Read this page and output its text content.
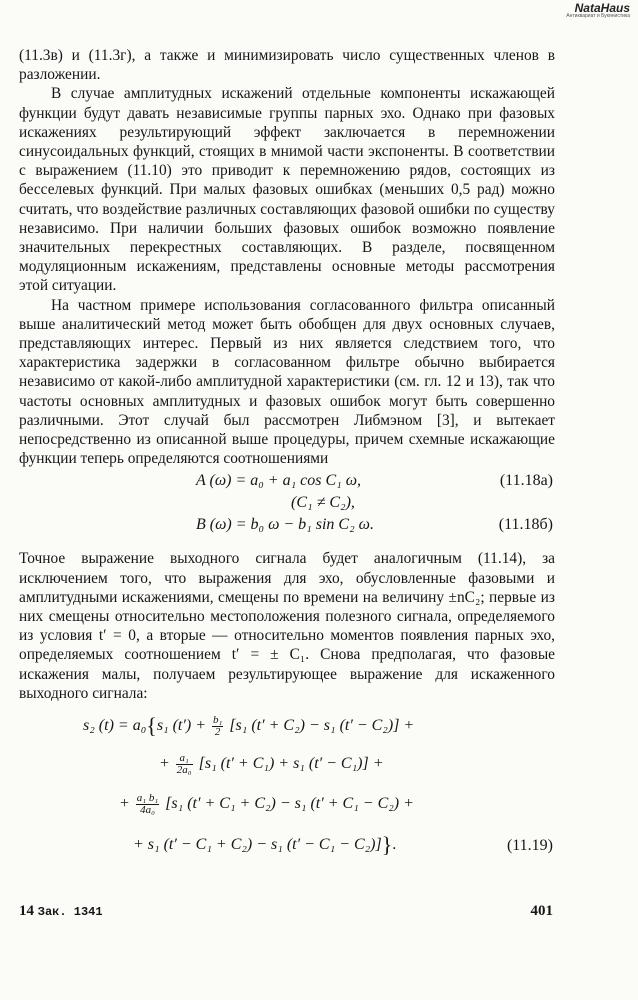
NataHaus
Aнтиквариат и Букинистика

(11.3в) и (11.3г), а также и минимизировать число существенных членов в разложении.

В случае амплитудных искажений отдельные компоненты искажающей функции будут давать независимые группы парных эхо. Однако при фазовых искажениях результирующий эффект заключается в перемножении синусоидальных функций, стоящих в мнимой части экспоненты. В соответствии с выражением (11.10) это приводит к перемножению рядов, состоящих из бесселевых функций. При малых фазовых ошибках (меньших 0,5 рад) можно считать, что воздействие различных составляющих фазовой ошибки по существу независимо. При наличии больших фазовых ошибок возможно появление значительных перекрестных составляющих. В разделе, посвященном модуляционным искажениям, представлены основные методы рассмотрения этой ситуации.

На частном примере использования согласованного фильтра описанный выше аналитический метод может быть обобщен для двух основных случаев, представляющих интерес. Первый из них является следствием того, что характеристика задержки в согласованном фильтре обычно выбирается независимо от какой-либо амплитудной характеристики (см. гл. 12 и 13), так что частоты основных амплитудных и фазовых ошибок могут быть совершенно различными. Этот случай был рассмотрен Либмэном [3], и вытекает непосредственно из описанной выше процедуры, причем схемные искажающие функции теперь определяются соотношениями

A (ω) = a₀ + a₁ cos C₁ ω,	(11.18а)
(C₁ ≠ C₂),
B (ω) = b₀ ω − b₁ sin C₂ ω.	(11.18б)

Точное выражение выходного сигнала будет аналогичным (11.14), за исключением того, что выражения для эхо, обусловленные фазовыми и амплитудными искажениями, смещены по времени на величину ±nC₂; первые из них смещены относительно местоположения полезного сигнала, определяемого из условия t′ = 0, а вторые — относительно моментов появления парных эхо, определяемых соотношением t′ = ± C₁. Снова предполагая, что фазовые искажения малы, получаем результирующее выражение для искаженного выходного сигнала:

s₂ (t) = a₀{s₁ $(t') + \frac{\text{b₁}}{2} [s_1$ (t′ + C₂) − s₁ (t′ − C₂)] +
+ $\frac{\text{a₁}}{\text{2a₀}} [s_1$ (t′ + C₁) + s₁ (t′ − C₁)] +
+ $\frac{\text{a₁ b₁}}{\text{4a₀}} [s_1$ (t′ + C₁ + C₂) − s₁ (t′ + C₁ − C₂) +
+ s₁ (t′ − C₁ + C₂) − s₁ (t′ − C₁ − C₂)]}.	(11.19)
14 Зак. 1341	401
